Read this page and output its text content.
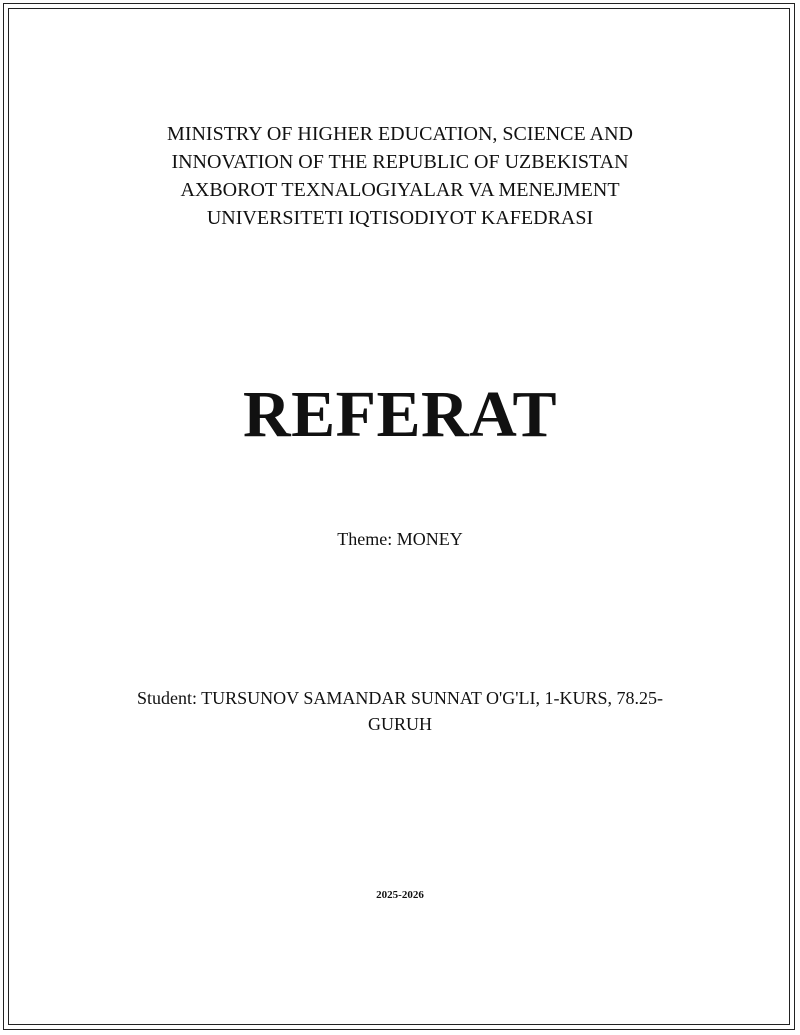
MINISTRY OF HIGHER EDUCATION, SCIENCE AND
INNOVATION OF THE REPUBLIC OF UZBEKISTAN
AXBOROT TEXNALOGIYALAR VA MENEJMENT
UNIVERSITETI IQTISODIYOT KAFEDRASI
REFERAT
Theme: MONEY
Student: TURSUNOV SAMANDAR SUNNAT O'G'LI, 1-KURS, 78.25-
GURUH
2025-2026
